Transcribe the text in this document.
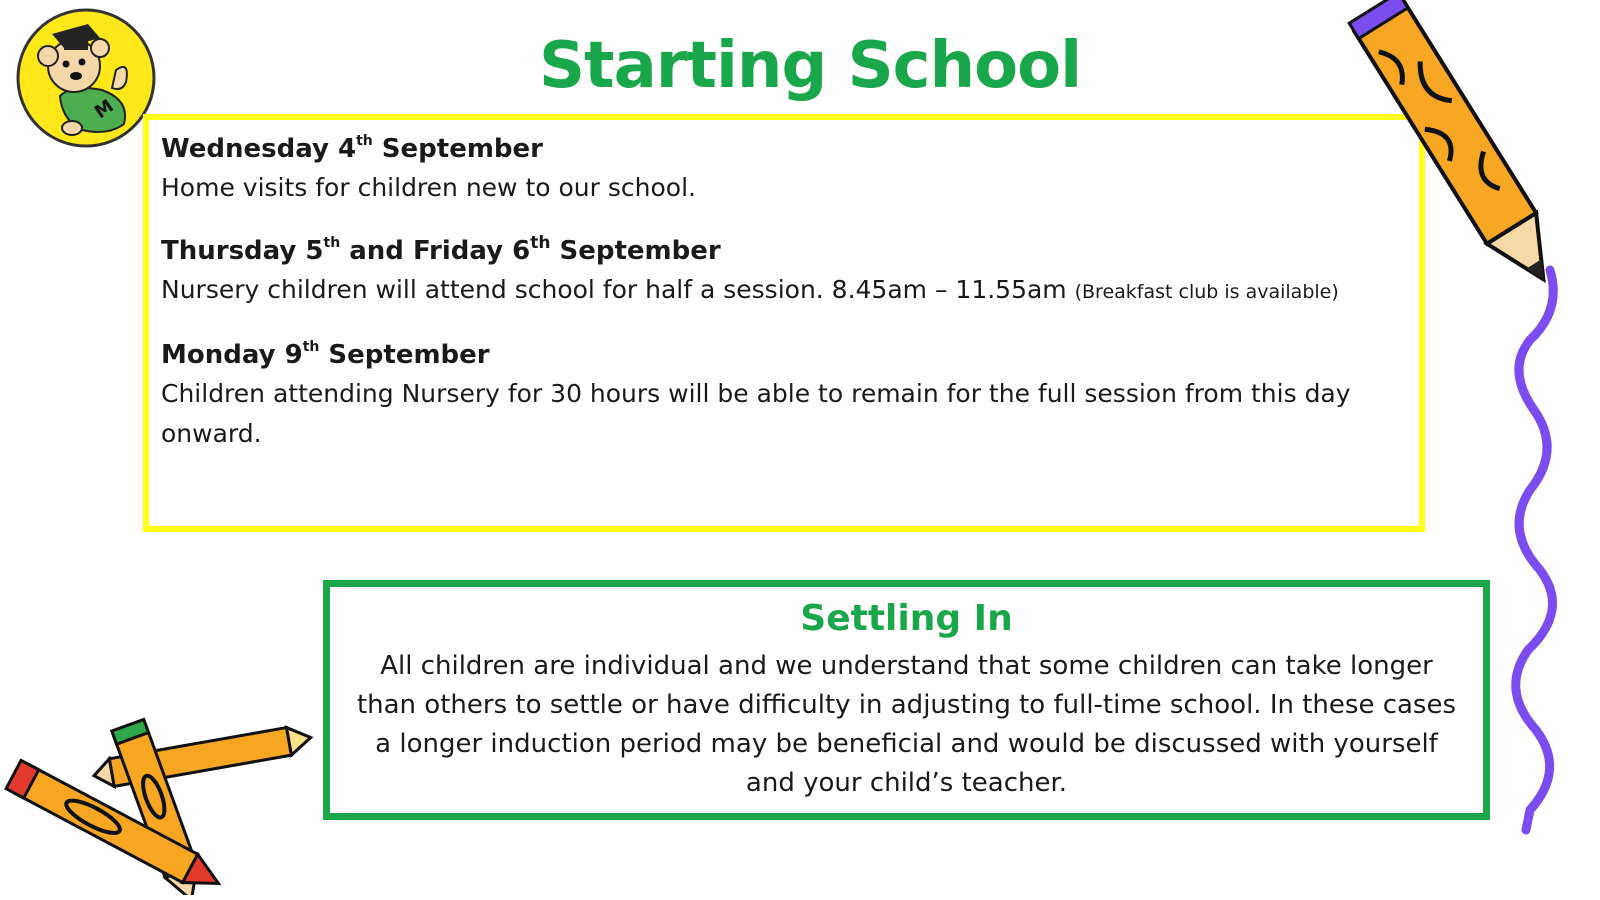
M
Starting School

Wednesday 4th September

Home visits for children new to our school.

Thursday 5th and Friday 6th September

Nursery children will attend school for half a session. 8.45am – 11.55am (Breakfast club is available)

Monday 9th September

Children attending Nursery for 30 hours will be able to remain for the full session from this day onward.

Settling In

All children are individual and we understand that some children can take longer than others to settle or have difficulty in adjusting to full-time school. In these cases a longer induction period may be beneficial and would be discussed with yourself and your child’s teacher.
